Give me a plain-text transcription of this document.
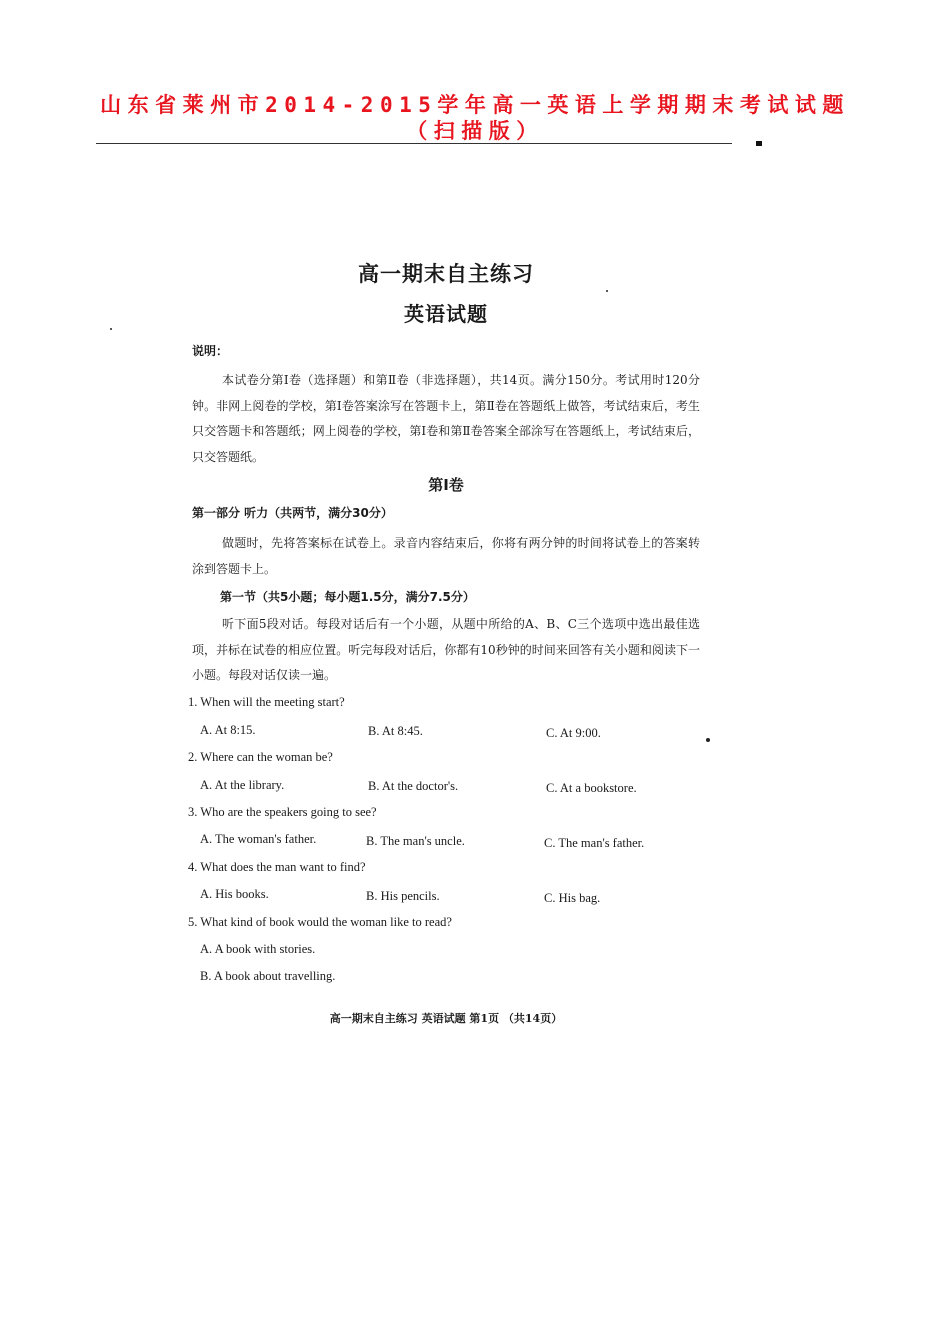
山东省莱州市2014-2015学年高一英语上学期期末考试试题（扫描版）
高一期末自主练习
英语试题
说明：
本试卷分第Ⅰ卷（选择题）和第Ⅱ卷（非选择题），共14页。满分150分。考试用时120分钟。非网上阅卷的学校，第Ⅰ卷答案涂写在答题卡上，第Ⅱ卷在答题纸上做答，考试结束后，考生只交答题卡和答题纸；网上阅卷的学校，第Ⅰ卷和第Ⅱ卷答案全部涂写在答题纸上，考试结束后，只交答题纸。
第Ⅰ卷
第一部分 听力（共两节，满分30分）
做题时，先将答案标在试卷上。录音内容结束后，你将有两分钟的时间将试卷上的答案转涂到答题卡上。
第一节（共5小题；每小题1.5分，满分7.5分）
听下面5段对话。每段对话后有一个小题，从题中所给的A、B、C三个选项中选出最佳选项，并标在试卷的相应位置。听完每段对话后，你都有10秒钟的时间来回答有关小题和阅读下一小题。每段对话仅读一遍。
1. When will the meeting start?
A. At 8:15.	B. At 8:45.	C. At 9:00.
2. Where can the woman be?
A. At the library.	B. At the doctor's.	C. At a bookstore.
3. Who are the speakers going to see?
A. The woman's father.	B. The man's uncle.	C. The man's father.
4. What does the man want to find?
A. His books.	B. His pencils.	C. His bag.
5. What kind of book would the woman like to read?
A. A book with stories.
B. A book about travelling.
高一期末自主练习 英语试题 第1页 （共14页）
